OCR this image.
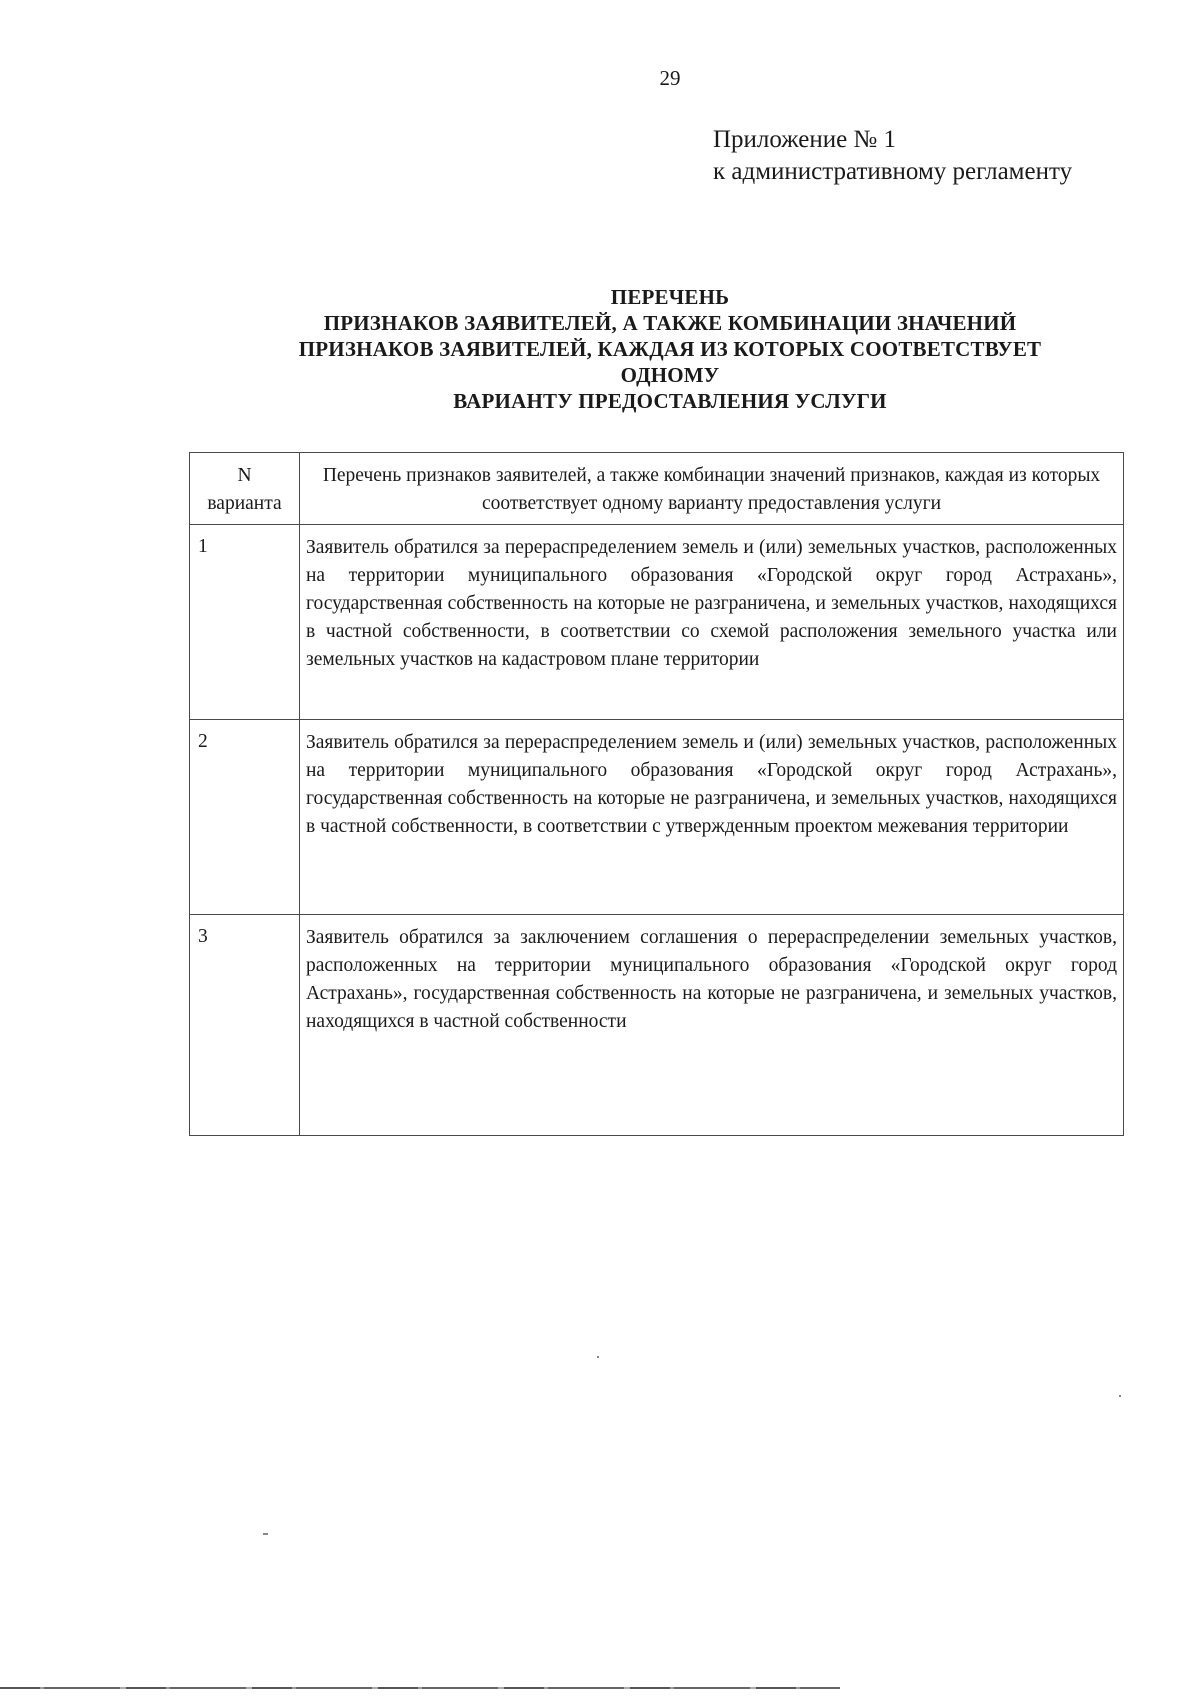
29
Приложение № 1
к административному регламенту
ПЕРЕЧЕНЬ
ПРИЗНАКОВ ЗАЯВИТЕЛЕЙ, А ТАКЖЕ КОМБИНАЦИИ ЗНАЧЕНИЙ
ПРИЗНАКОВ ЗАЯВИТЕЛЕЙ, КАЖДАЯ ИЗ КОТОРЫХ СООТВЕТСТВУЕТ
ОДНОМУ
ВАРИАНТУ ПРЕДОСТАВЛЕНИЯ УСЛУГИ
N
варианта	Перечень признаков заявителей, а также комбинации значений признаков, каждая из которых соответствует одному варианту предоставления услуги
1	Заявитель обратился за перераспределением земель и (или) земельных участков, расположенных на территории муниципального образования «Городской округ город Астрахань», государственная собственность на которые не разграничена, и земельных участков, находящихся в частной собственности, в соответствии со схемой расположения земельного участка или земельных участков на кадастровом плане территории
2	Заявитель обратился за перераспределением земель и (или) земельных участков, расположенных на территории муниципального образования «Городской округ город Астрахань», государственная собственность на которые не разграничена, и земельных участков, находящихся в частной собственности, в соответствии с утвержденным проектом межевания территории
3	Заявитель обратился за заключением соглашения о перераспределении земельных участков, расположенных на территории муниципального образования «Городской округ город Астрахань», государственная собственность на которые не разграничена, и земельных участков, находящихся в частной собственности
